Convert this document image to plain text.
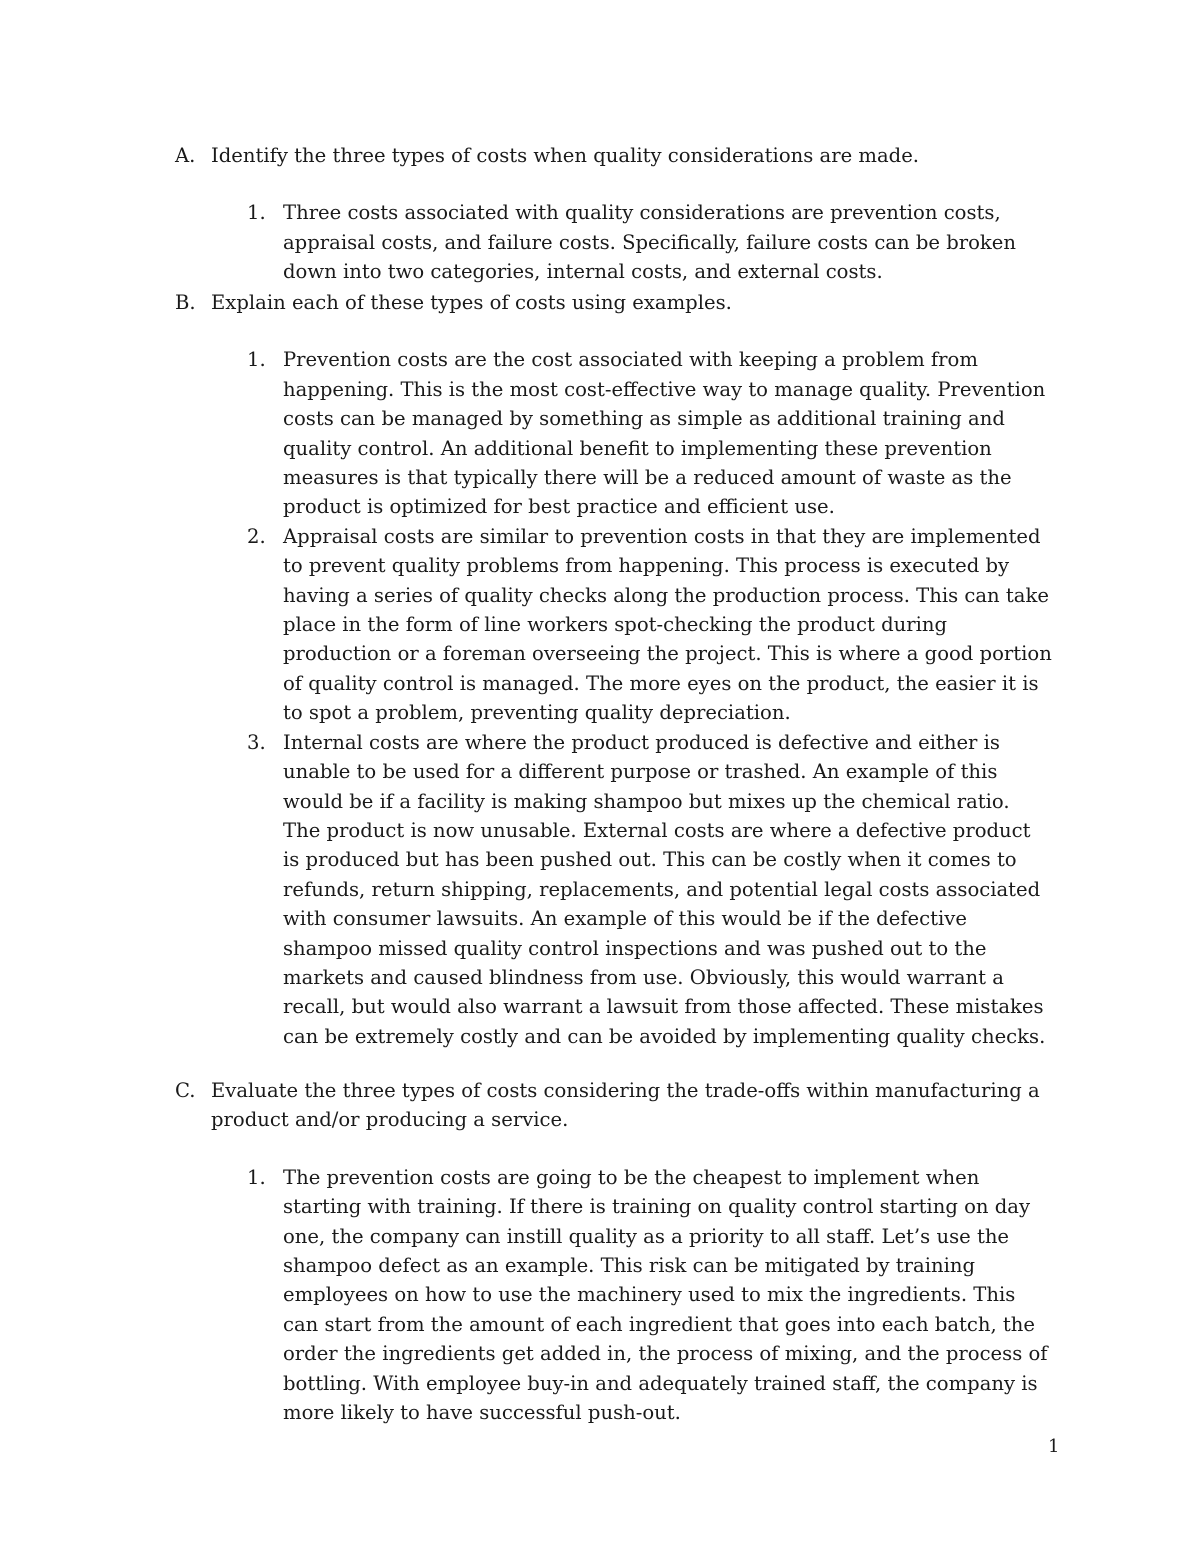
A. Identify the three types of costs when quality considerations are made.

1. Three costs associated with quality considerations are prevention costs, appraisal costs, and failure costs. Specifically, failure costs can be broken down into two categories, internal costs, and external costs.

B. Explain each of these types of costs using examples.

1. Prevention costs are the cost associated with keeping a problem from happening. This is the most cost-effective way to manage quality. Prevention costs can be managed by something as simple as additional training and quality control. An additional benefit to implementing these prevention measures is that typically there will be a reduced amount of waste as the product is optimized for best practice and efficient use.
2. Appraisal costs are similar to prevention costs in that they are implemented to prevent quality problems from happening. This process is executed by having a series of quality checks along the production process. This can take place in the form of line workers spot-checking the product during production or a foreman overseeing the project. This is where a good portion of quality control is managed. The more eyes on the product, the easier it is to spot a problem, preventing quality depreciation.
3. Internal costs are where the product produced is defective and either is unable to be used for a different purpose or trashed. An example of this would be if a facility is making shampoo but mixes up the chemical ratio. The product is now unusable. External costs are where a defective product is produced but has been pushed out. This can be costly when it comes to refunds, return shipping, replacements, and potential legal costs associated with consumer lawsuits. An example of this would be if the defective shampoo missed quality control inspections and was pushed out to the markets and caused blindness from use. Obviously, this would warrant a recall, but would also warrant a lawsuit from those affected. These mistakes can be extremely costly and can be avoided by implementing quality checks.

C. Evaluate the three types of costs considering the trade-offs within manufacturing a product and/or producing a service.

1. The prevention costs are going to be the cheapest to implement when starting with training. If there is training on quality control starting on day one, the company can instill quality as a priority to all staff. Let’s use the shampoo defect as an example. This risk can be mitigated by training employees on how to use the machinery used to mix the ingredients. This can start from the amount of each ingredient that goes into each batch, the order the ingredients get added in, the process of mixing, and the process of bottling. With employee buy-in and adequately trained staff, the company is more likely to have successful push-out.
1
